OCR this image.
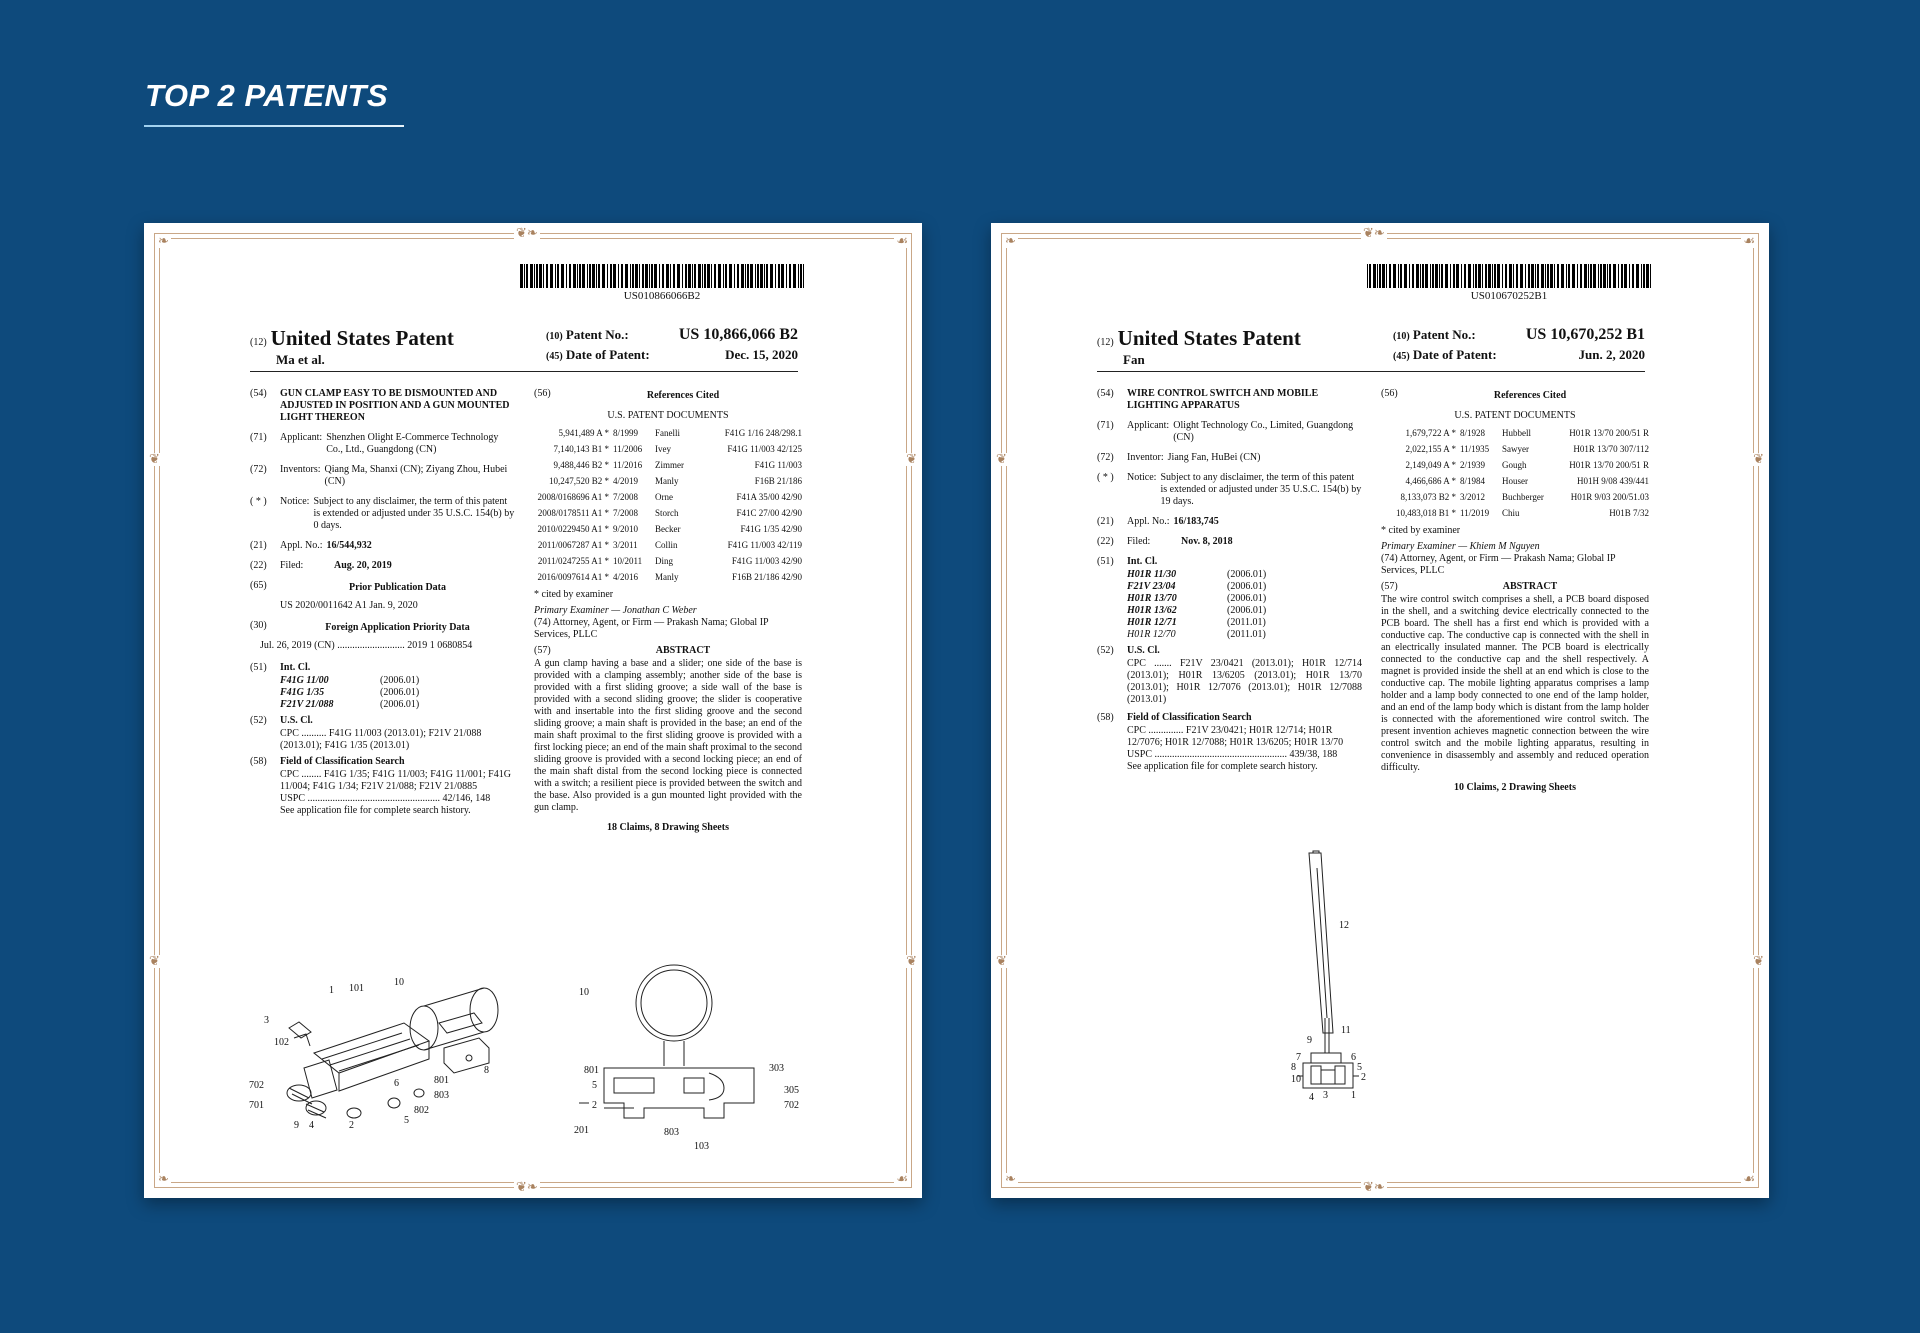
TOP 2 PATENTS
❦❧
❦❧
❧	☙
❧	☙
❦
❦
❦
❦
US010866066B2
(12) United States Patent
Ma et al.
(10) Patent No.:	US 10,866,066 B2
(45) Date of Patent:	Dec. 15, 2020
(54)	GUN CLAMP EASY TO BE DISMOUNTED AND ADJUSTED IN POSITION AND A GUN MOUNTED LIGHT THEREON
(71)	Applicant: Shenzhen Olight E-Commerce Technology Co., Ltd., Guangdong (CN)
(72)	Inventors: Qiang Ma, Shanxi (CN); Ziyang Zhou, Hubei (CN)
( * )	Notice: Subject to any disclaimer, the term of this patent is extended or adjusted under 35 U.S.C. 154(b) by 0 days.
(21)	Appl. No.: 16/544,932
(22)	Filed:	Aug. 20, 2019
(65)	Prior Publication Data
US 2020/0011642 A1 Jan. 9, 2020
(30)	Foreign Application Priority Data
Jul. 26, 2019 (CN) ........................... 2019 1 0680854
(51)	Int. Cl.
F41G 11/00	(2006.01)
F41G 1/35	(2006.01)
F21V 21/088	(2006.01)
(52)	U.S. Cl.
CPC .......... F41G 11/003 (2013.01); F21V 21/088 (2013.01); F41G 1/35 (2013.01)
(58)	Field of Classification Search
CPC ........ F41G 1/35; F41G 11/003; F41G 11/001; F41G 11/004; F41G 1/34; F21V 21/088; F21V 21/0885
USPC ..................................................... 42/146, 148
See application file for complete search history.
(56)	References Cited
U.S. PATENT DOCUMENTS
5,941,489 A * 8/1999	Fanelli	F41G 1/16 248/298.1
7,140,143 B1 * 11/2006	Ivey	F41G 11/003 42/125
9,488,446 B2 * 11/2016	Zimmer	F41G 11/003
10,247,520 B2 * 4/2019	Manly	F16B 21/186
2008/0168696 A1 * 7/2008	Orne	F41A 35/00 42/90
2008/0178511 A1 * 7/2008	Storch	F41C 27/00 42/90
2010/0229450 A1 * 9/2010	Becker	F41G 1/35 42/90
2011/0067287 A1 * 3/2011	Collin	F41G 11/003 42/119
2011/0247255 A1 * 10/2011	Ding	F41G 11/003 42/90
2016/0097614 A1 * 4/2016	Manly	F16B 21/186 42/90
* cited by examiner
Primary Examiner — Jonathan C Weber
(74) Attorney, Agent, or Firm — Prakash Nama; Global IP Services, PLLC
(57)	ABSTRACT
A gun clamp having a base and a slider; one side of the base is provided with a clamping assembly; another side of the base is provided with a first sliding groove; a side wall of the base is provided with a second sliding groove; the slider is cooperative with and insertable into the first sliding groove and the second sliding groove; a main shaft is provided in the base; an end of the main shaft proximal to the first sliding groove is provided with a first locking piece; an end of the main shaft proximal to the second sliding groove is provided with a second locking piece; an end of the main shaft distal from the second locking piece is connected with a switch; a resilient piece is provided between the switch and the base. Also provided is a gun mounted light provided with the gun clamp.
18 Claims, 8 Drawing Sheets
3
1 101
10
10
102
801
8	801	303
5
702	305
701
803
6
802
2
702
9 4
2
5
201	803
103
❦❧
❦❧
❧	☙
❧	☙
❦
❦
❦
❦
US010670252B1
(12) United States Patent
Fan
(10) Patent No.:	US 10,670,252 B1
(45) Date of Patent:	Jun. 2, 2020
(54)	WIRE CONTROL SWITCH AND MOBILE LIGHTING APPARATUS
(71)	Applicant: Olight Technology Co., Limited, Guangdong (CN)
(72)	Inventor: Jiang Fan, HuBei (CN)
( * )	Notice: Subject to any disclaimer, the term of this patent is extended or adjusted under 35 U.S.C. 154(b) by 19 days.
(21)	Appl. No.: 16/183,745
(22)	Filed:	Nov. 8, 2018
(51)	Int. Cl.
H01R 11/30	(2006.01)
F21V 23/04	(2006.01)
H01R 13/70	(2006.01)
H01R 13/62	(2006.01)
H01R 12/71	(2011.01)
H01R 12/70	(2011.01)
(52)	U.S. Cl.
CPC ....... F21V 23/0421 (2013.01); H01R 12/714 (2013.01); H01R 13/6205 (2013.01); H01R 13/70 (2013.01); H01R 12/7076 (2013.01); H01R 12/7088 (2013.01)
(58)	Field of Classification Search
CPC .............. F21V 23/0421; H01R 12/714; H01R 12/7076; H01R 12/7088; H01R 13/6205; H01R 13/70
USPC ..................................................... 439/38, 188
See application file for complete search history.
(56)	References Cited
U.S. PATENT DOCUMENTS
1,679,722 A * 8/1928	Hubbell	H01R 13/70 200/51 R
2,022,155 A * 11/1935	Sawyer	H01R 13/70 307/112
2,149,049 A * 2/1939	Gough	H01R 13/70 200/51 R
4,466,686 A * 8/1984	Houser	H01H 9/08 439/441
8,133,073 B2 * 3/2012	Buchberger	H01R 9/03 200/51.03
10,483,018 B1 * 11/2019	Chiu	H01B 7/32
* cited by examiner
Primary Examiner — Khiem M Nguyen
(74) Attorney, Agent, or Firm — Prakash Nama; Global IP Services, PLLC
(57)	ABSTRACT
The wire control switch comprises a shell, a PCB board disposed in the shell, and a switching device electrically connected to the PCB board. The shell has a first end which is provided with a conductive cap. The conductive cap is connected with the shell in an electrically insulated manner. The PCB board is electrically connected to the conductive cap and the shell respectively. A magnet is provided inside the shell at an end which is close to the conductive cap. The mobile lighting apparatus comprises a lamp holder and a lamp body connected to one end of the lamp holder, and an end of the lamp body which is distant from the lamp holder is connected with the aforementioned wire control switch. The present invention achieves magnetic connection between the wire control switch and the mobile lighting apparatus, resulting in convenience in disassembly and assembly and reduced operation difficulty.
10 Claims, 2 Drawing Sheets
12
11
9
7	6
5
8
2
10
4 3 1
